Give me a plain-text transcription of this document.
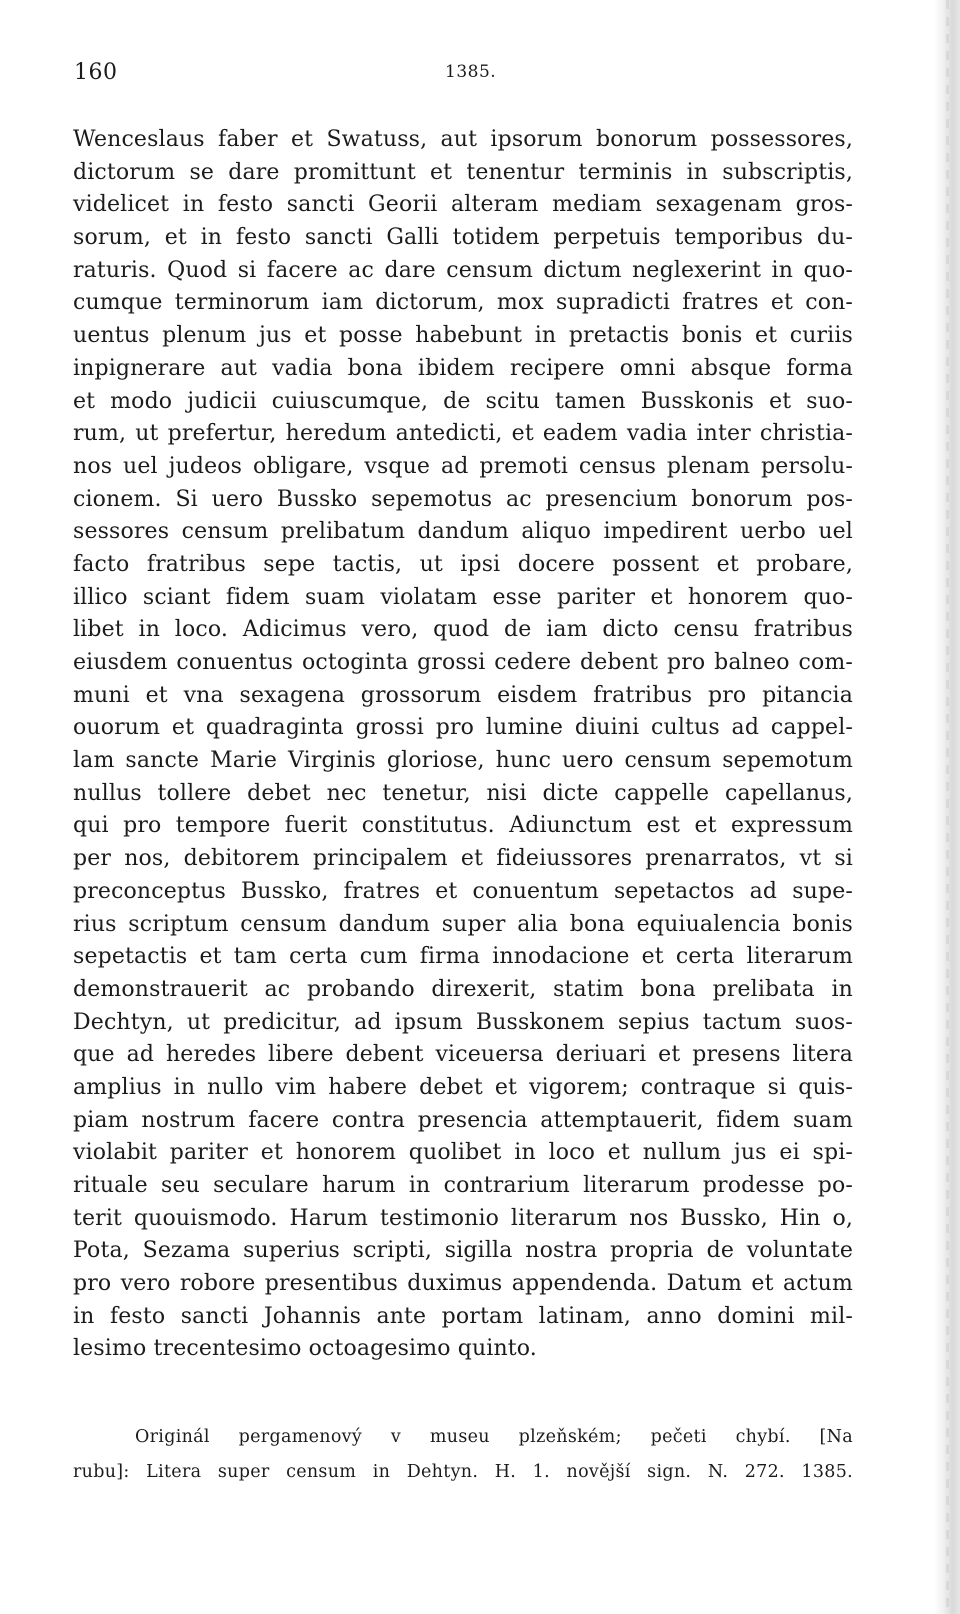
160	1385.
Wenceslaus faber et Swatuss, aut ipsorum bonorum possessores,
dictorum se dare promittunt et tenentur terminis in subscriptis,
videlicet in festo sancti Georii alteram mediam sexagenam gros-
sorum, et in festo sancti Galli totidem perpetuis temporibus du-
raturis. Quod si facere ac dare censum dictum neglexerint in quo-
cumque terminorum iam dictorum, mox supradicti fratres et con-
uentus plenum jus et posse habebunt in pretactis bonis et curiis
inpignerare aut vadia bona ibidem recipere omni absque forma
et modo judicii cuiuscumque, de scitu tamen Busskonis et suo-
rum, ut prefertur, heredum antedicti, et eadem vadia inter christia-
nos uel judeos obligare, vsque ad premoti census plenam persolu-
cionem. Si uero Bussko sepemotus ac presencium bonorum pos-
sessores censum prelibatum dandum aliquo impedirent uerbo uel
facto fratribus sepe tactis, ut ipsi docere possent et probare,
illico sciant fidem suam violatam esse pariter et honorem quo-
libet in loco. Adicimus vero, quod de iam dicto censu fratribus
eiusdem conuentus octoginta grossi cedere debent pro balneo com-
muni et vna sexagena grossorum eisdem fratribus pro pitancia
ouorum et quadraginta grossi pro lumine diuini cultus ad cappel-
lam sancte Marie Virginis gloriose, hunc uero censum sepemotum
nullus tollere debet nec tenetur, nisi dicte cappelle capellanus,
qui pro tempore fuerit constitutus. Adiunctum est et expressum
per nos, debitorem principalem et fideiussores prenarratos, vt si
preconceptus Bussko, fratres et conuentum sepetactos ad supe-
rius scriptum censum dandum super alia bona equiualencia bonis
sepetactis et tam certa cum firma innodacione et certa literarum
demonstrauerit ac probando direxerit, statim bona prelibata in
Dechtyn, ut predicitur, ad ipsum Busskonem sepius tactum suos-
que ad heredes libere debent viceuersa deriuari et presens litera
amplius in nullo vim habere debet et vigorem; contraque si quis-
piam nostrum facere contra presencia attemptauerit, fidem suam
violabit pariter et honorem quolibet in loco et nullum jus ei spi-
rituale seu seculare harum in contrarium literarum prodesse po-
terit quouismodo. Harum testimonio literarum nos Bussko, Hin o,
Pota, Sezama superius scripti, sigilla nostra propria de voluntate
pro vero robore presentibus duximus appendenda. Datum et actum
in festo sancti Johannis ante portam latinam, anno domini mil-
lesimo trecentesimo octoagesimo quinto.
Originál pergamenový v museu plzeňském; pečeti chybí. [Na
rubu]: Litera super censum in Dehtyn. H. 1. novější sign. N. 272. 1385.
